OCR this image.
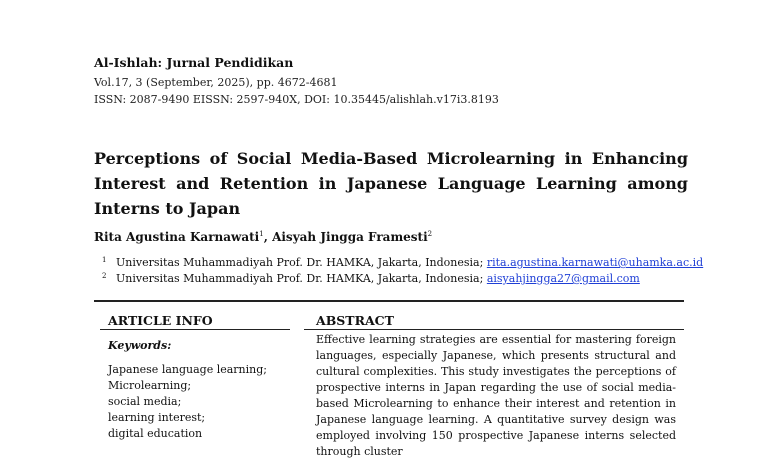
Al-Ishlah: Jurnal Pendidikan
Vol.17, 3 (September, 2025), pp. 4672-4681
ISSN: 2087-9490 EISSN: 2597-940X, DOI: 10.35445/alishlah.v17i3.8193
Perceptions of Social Media-Based Microlearning in Enhancing Interest and Retention in Japanese Language Learning among Interns to Japan
Rita Agustina Karnawati$^1$, Aisyah Jingga Framesti$^2$
1 Universitas Muhammadiyah Prof. Dr. HAMKA, Jakarta, Indonesia; rita.agustina.karnawati@uhamka.ac.id
2 Universitas Muhammadiyah Prof. Dr. HAMKA, Jakarta, Indonesia; aisyahjingga27@gmail.com
ARTICLE INFO	ABSTRACT
Keywords:
Japanese language learning;
Microlearning;
social media;
learning interest;
digital education

Effective learning strategies are essential for mastering foreign languages, especially Japanese, which presents structural and cultural complexities. This study investigates the perceptions of prospective interns in Japan regarding the use of social media-based Microlearning to enhance their interest and retention in Japanese language learning. A quantitative survey design was employed involving 150 prospective Japanese interns selected through cluster
